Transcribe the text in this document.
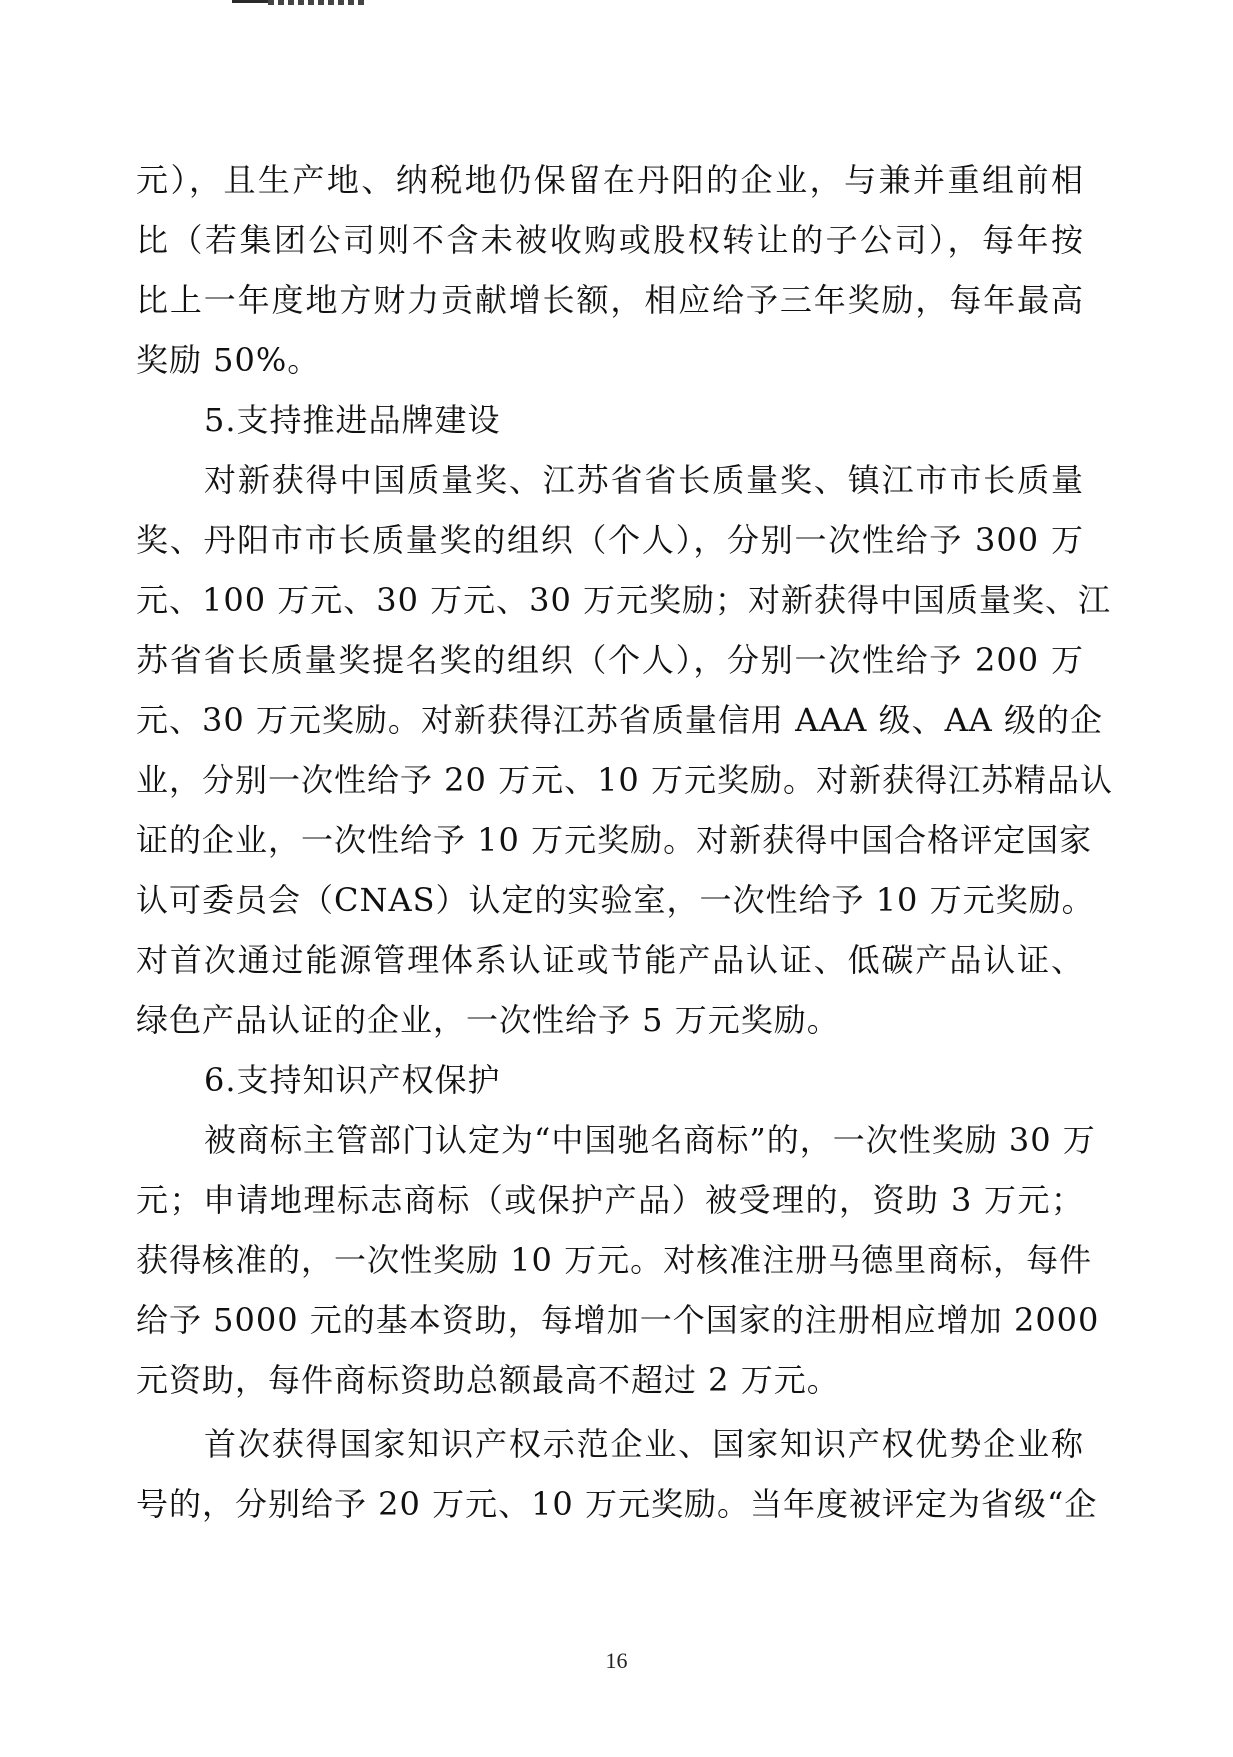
元），且生产地、纳税地仍保留在丹阳的企业，与兼并重组前相
比（若集团公司则不含未被收购或股权转让的子公司），每年按
比上一年度地方财力贡献增长额，相应给予三年奖励，每年最高
奖励 50%。
5.支持推进品牌建设
对新获得中国质量奖、江苏省省长质量奖、镇江市市长质量
奖、丹阳市市长质量奖的组织（个人），分别一次性给予 300 万
元、100 万元、30 万元、30 万元奖励；对新获得中国质量奖、江
苏省省长质量奖提名奖的组织（个人），分别一次性给予 200 万
元、30 万元奖励。对新获得江苏省质量信用 AAA 级、AA 级的企
业，分别一次性给予 20 万元、10 万元奖励。对新获得江苏精品认
证的企业，一次性给予 10 万元奖励。对新获得中国合格评定国家
认可委员会（CNAS）认定的实验室，一次性给予 10 万元奖励。
对首次通过能源管理体系认证或节能产品认证、低碳产品认证、
绿色产品认证的企业，一次性给予 5 万元奖励。
6.支持知识产权保护
被商标主管部门认定为“中国驰名商标”的，一次性奖励 30 万
元；申请地理标志商标（或保护产品）被受理的，资助 3 万元；
获得核准的，一次性奖励 10 万元。对核准注册马德里商标，每件
给予 5000 元的基本资助，每增加一个国家的注册相应增加 2000
元资助，每件商标资助总额最高不超过 2 万元。
首次获得国家知识产权示范企业、国家知识产权优势企业称
号的，分别给予 20 万元、10 万元奖励。当年度被评定为省级“企
16
